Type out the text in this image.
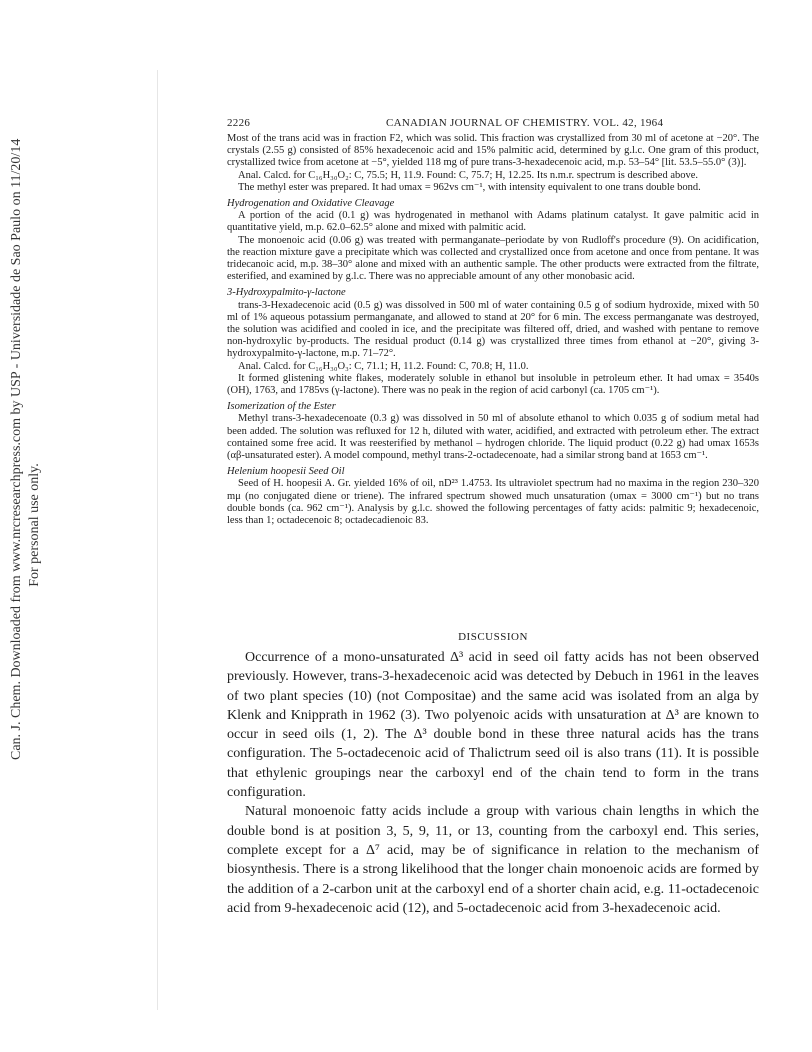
Can. J. Chem. Downloaded from www.nrcresearchpress.com by USP - Universidade de Sao Paulo on 11/20/14 For personal use only.
2226	CANADIAN JOURNAL OF CHEMISTRY. VOL. 42, 1964

Most of the trans acid was in fraction F2, which was solid. This fraction was crystallized from 30 ml of acetone at −20°. The crystals (2.55 g) consisted of 85% hexadecenoic acid and 15% palmitic acid, determined by g.l.c. One gram of this product, crystallized twice from acetone at −5°, yielded 118 mg of pure trans-3-hexadecenoic acid, m.p. 53–54° [lit. 53.5–55.0° (3)].

Anal. Calcd. for C₁₆H₃₀O₂: C, 75.5; H, 11.9. Found: C, 75.7; H, 12.25. Its n.m.r. spectrum is described above.

The methyl ester was prepared. It had υmax = 962vs cm⁻¹, with intensity equivalent to one trans double bond.

Hydrogenation and Oxidative Cleavage

A portion of the acid (0.1 g) was hydrogenated in methanol with Adams platinum catalyst. It gave palmitic acid in quantitative yield, m.p. 62.0–62.5° alone and mixed with palmitic acid.

The monoenoic acid (0.06 g) was treated with permanganate–periodate by von Rudloff's procedure (9). On acidification, the reaction mixture gave a precipitate which was collected and crystallized once from acetone and once from pentane. It was tridecanoic acid, m.p. 38–30° alone and mixed with an authentic sample. The other products were extracted from the filtrate, esterified, and examined by g.l.c. There was no appreciable amount of any other monobasic acid.

3-Hydroxypalmito-γ-lactone

trans-3-Hexadecenoic acid (0.5 g) was dissolved in 500 ml of water containing 0.5 g of sodium hydroxide, mixed with 50 ml of 1% aqueous potassium permanganate, and allowed to stand at 20° for 6 min. The excess permanganate was destroyed, the solution was acidified and cooled in ice, and the precipitate was filtered off, dried, and washed with pentane to remove non-hydroxylic by-products. The residual product (0.14 g) was crystallized three times from ethanol at −20°, giving 3-hydroxypalmito-γ-lactone, m.p. 71–72°.

Anal. Calcd. for C₁₆H₃₀O₃: C, 71.1; H, 11.2. Found: C, 70.8; H, 11.0.

It formed glistening white flakes, moderately soluble in ethanol but insoluble in petroleum ether. It had υmax = 3540s (OH), 1763, and 1785vs (γ-lactone). There was no peak in the region of acid carbonyl (ca. 1705 cm⁻¹).

Isomerization of the Ester

Methyl trans-3-hexadecenoate (0.3 g) was dissolved in 50 ml of absolute ethanol to which 0.035 g of sodium metal had been added. The solution was refluxed for 12 h, diluted with water, acidified, and extracted with petroleum ether. The extract contained some free acid. It was reesterified by methanol – hydrogen chloride. The liquid product (0.22 g) had υmax 1653s (αβ-unsaturated ester). A model compound, methyl trans-2-octadecenoate, had a similar strong band at 1653 cm⁻¹.

Helenium hoopesii Seed Oil

Seed of H. hoopesii A. Gr. yielded 16% of oil, nD²³ 1.4753. Its ultraviolet spectrum had no maxima in the region 230–320 mμ (no conjugated diene or triene). The infrared spectrum showed much unsaturation (υmax = 3000 cm⁻¹) but no trans double bonds (ca. 962 cm⁻¹). Analysis by g.l.c. showed the following percentages of fatty acids: palmitic 9; hexadecenoic, less than 1; octadecenoic 8; octadecadienoic 83.

DISCUSSION

Occurrence of a mono-unsaturated Δ³ acid in seed oil fatty acids has not been observed previously. However, trans-3-hexadecenoic acid was detected by Debuch in 1961 in the leaves of two plant species (10) (not Compositae) and the same acid was isolated from an alga by Klenk and Knipprath in 1962 (3). Two polyenoic acids with unsaturation at Δ³ are known to occur in seed oils (1, 2). The Δ³ double bond in these three natural acids has the trans configuration. The 5-octadecenoic acid of Thalictrum seed oil is also trans (11). It is possible that ethylenic groupings near the carboxyl end of the chain tend to form in the trans configuration.

Natural monoenoic fatty acids include a group with various chain lengths in which the double bond is at position 3, 5, 9, 11, or 13, counting from the carboxyl end. This series, complete except for a Δ⁷ acid, may be of significance in relation to the mechanism of biosynthesis. There is a strong likelihood that the longer chain monoenoic acids are formed by the addition of a 2-carbon unit at the carboxyl end of a shorter chain acid, e.g. 11-octadecenoic acid from 9-hexadecenoic acid (12), and 5-octadecenoic acid from 3-hexadecenoic acid.
